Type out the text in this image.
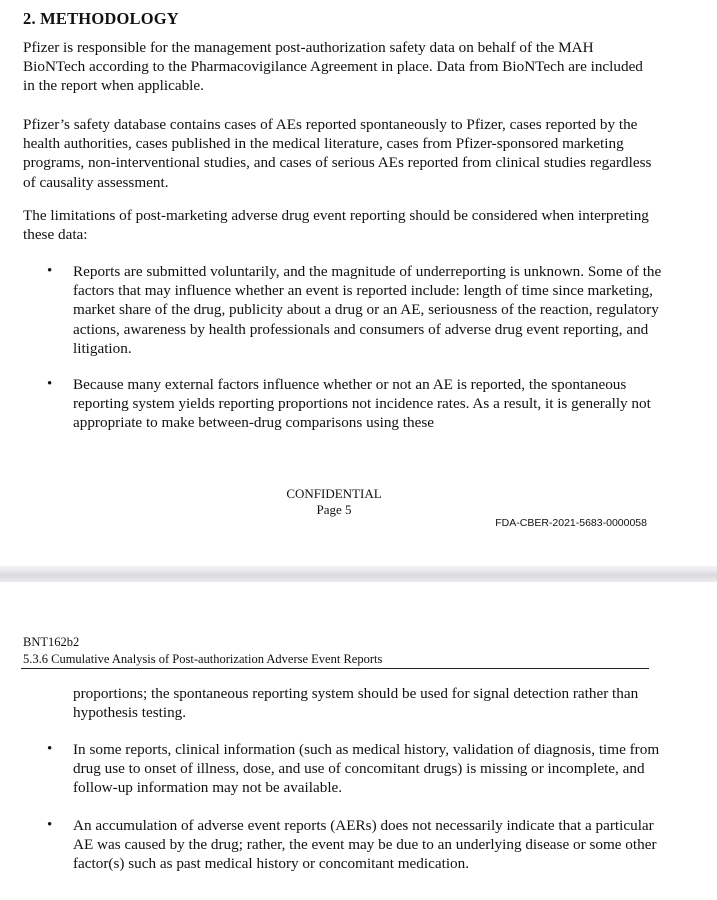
2. METHODOLOGY

Pfizer is responsible for the management post-authorization safety data on behalf of the MAH BioNTech according to the Pharmacovigilance Agreement in place. Data from BioNTech are included in the report when applicable.

Pfizer’s safety database contains cases of AEs reported spontaneously to Pfizer, cases reported by the health authorities, cases published in the medical literature, cases from Pfizer-sponsored marketing programs, non-interventional studies, and cases of serious AEs reported from clinical studies regardless of causality assessment.

The limitations of post-marketing adverse drug event reporting should be considered when interpreting these data:

• Reports are submitted voluntarily, and the magnitude of underreporting is unknown. Some of the factors that may influence whether an event is reported include: length of time since marketing, market share of the drug, publicity about a drug or an AE, seriousness of the reaction, regulatory actions, awareness by health professionals and consumers of adverse drug event reporting, and litigation.

• Because many external factors influence whether or not an AE is reported, the spontaneous reporting system yields reporting proportions not incidence rates. As a result, it is generally not appropriate to make between-drug comparisons using these

CONFIDENTIAL
Page 5
FDA-CBER-2021-5683-0000058
BNT162b2
5.3.6 Cumulative Analysis of Post-authorization Adverse Event Reports

proportions; the spontaneous reporting system should be used for signal detection rather than hypothesis testing.

• In some reports, clinical information (such as medical history, validation of diagnosis, time from drug use to onset of illness, dose, and use of concomitant drugs) is missing or incomplete, and follow-up information may not be available.

• An accumulation of adverse event reports (AERs) does not necessarily indicate that a particular AE was caused by the drug; rather, the event may be due to an underlying disease or some other factor(s) such as past medical history or concomitant medication.
